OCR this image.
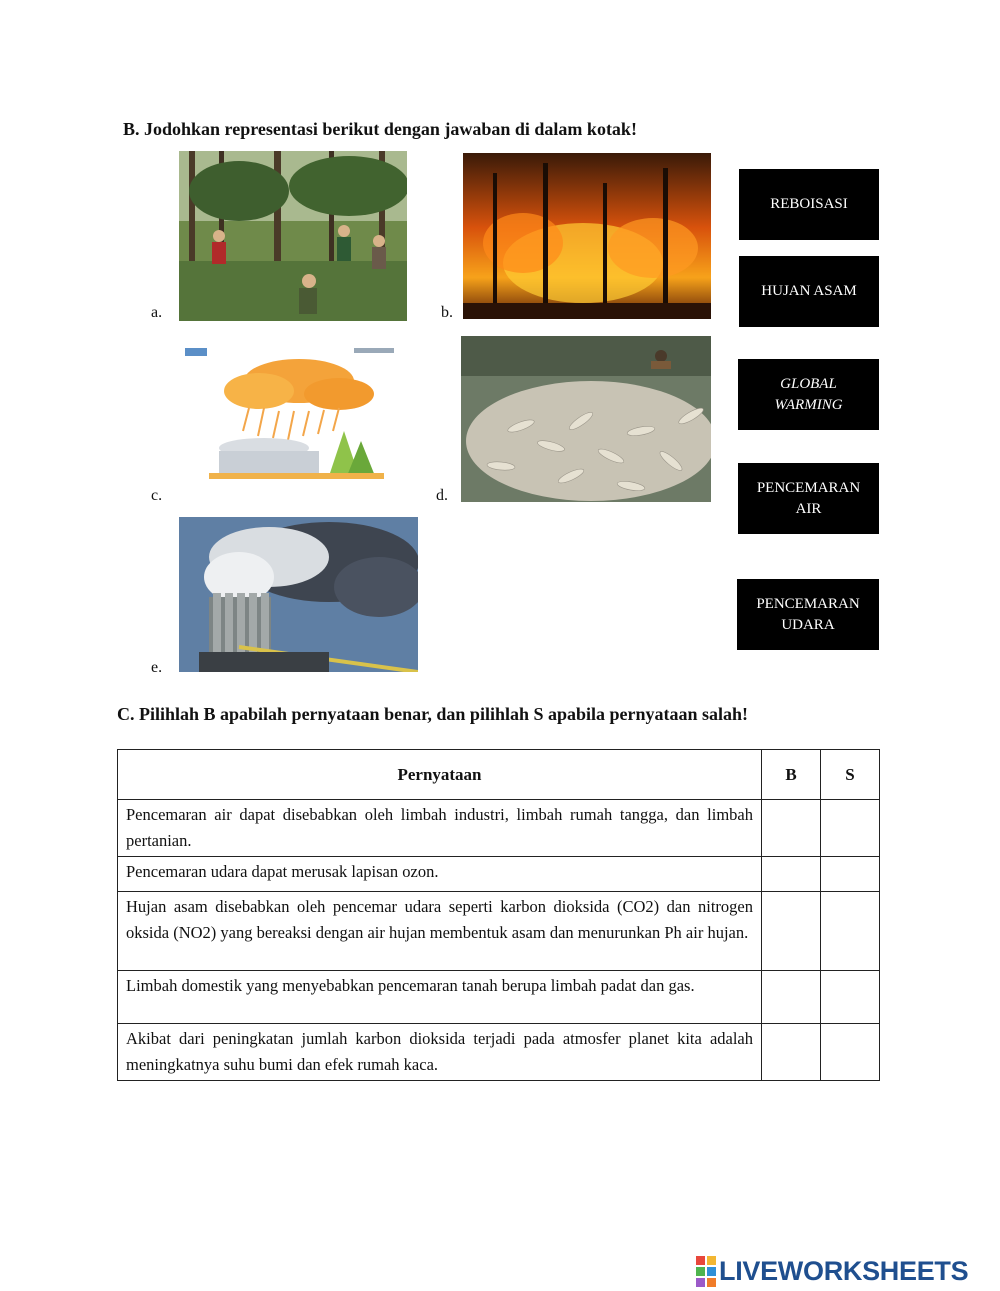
B. Jodohkan representasi berikut dengan jawaban di dalam kotak!
a.	b.
c.	d.
e.
REBOISASI
HUJAN ASAM
GLOBAL
WARMING
PENCEMARAN
AIR
PENCEMARAN
UDARA
C. Pilihlah B apabilah pernyataan benar, dan pilihlah S apabila pernyataan salah!
Pernyataan	B	S
Pencemaran air dapat disebabkan oleh limbah industri, limbah rumah tangga, dan limbah pertanian.		
Pencemaran udara dapat merusak lapisan ozon.		
Hujan asam disebabkan oleh pencemar udara seperti karbon dioksida (CO2) dan nitrogen oksida (NO2) yang bereaksi dengan air hujan membentuk asam dan menurunkan Ph air hujan.		
Limbah domestik yang menyebabkan pencemaran tanah berupa limbah padat dan gas.		
Akibat dari peningkatan jumlah karbon dioksida terjadi pada atmosfer planet kita adalah meningkatnya suhu bumi dan efek rumah kaca.		
LIVEWORKSHEETS
